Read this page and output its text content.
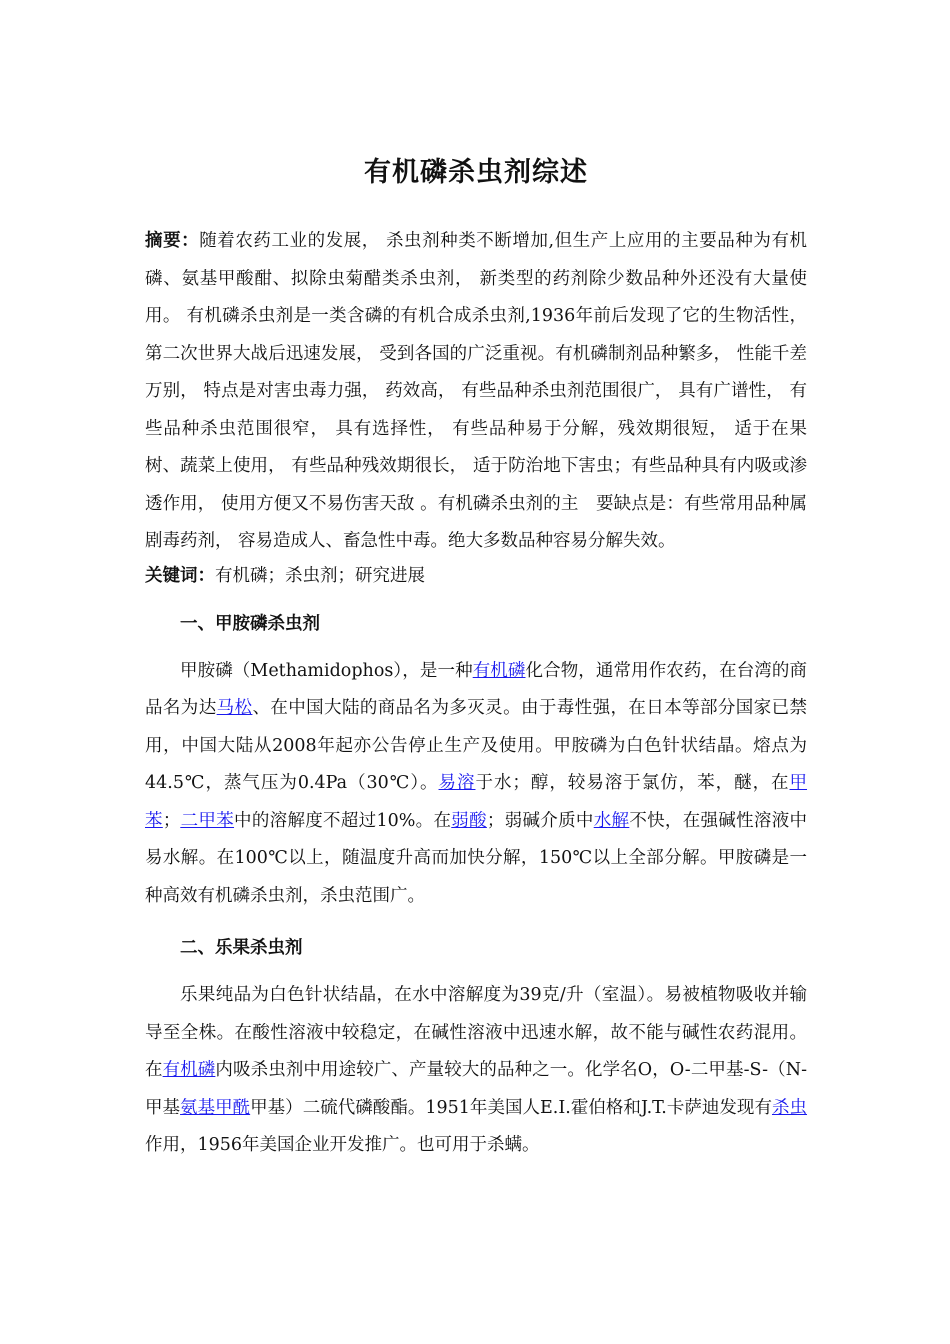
有机磷杀虫剂综述

摘要：随着农药工业的发展， 杀虫剂种类不断增加,但生产上应用的主要品种为有机磷、氨基甲酸酣、拟除虫菊醋类杀虫剂， 新类型的药剂除少数品种外还没有大量使用。 有机磷杀虫剂是一类含磷的有机合成杀虫剂,1936年前后发现了它的生物活性， 第二次世界大战后迅速发展， 受到各国的广泛重视。有机磷制剂品种繁多， 性能千差万别， 特点是对害虫毒力强， 药效高， 有些品种杀虫剂范围很广， 具有广谱性， 有些品种杀虫范围很窄， 具有选择性， 有些品种易于分解，残效期很短， 适于在果树、蔬菜上使用， 有些品种残效期很长， 适于防治地下害虫；有些品种具有内吸或渗透作用， 使用方便又不易伤害天敌 。有机磷杀虫剂的主　要缺点是：有些常用品种属剧毒药剂， 容易造成人、畜急性中毒。绝大多数品种容易分解失效。

关键词：有机磷；杀虫剂；研究进展

一、甲胺磷杀虫剂

甲胺磷（Methamidophos），是一种有机磷化合物，通常用作农药，在台湾的商品名为达马松、在中国大陆的商品名为多灭灵。由于毒性强，在日本等部分国家已禁用，中国大陆从2008年起亦公告停止生产及使用。甲胺磷为白色针状结晶。熔点为44.5℃，蒸气压为0.4Pa（30℃）。易溶于水；醇，较易溶于氯仿，苯，醚，在甲苯；二甲苯中的溶解度不超过10%。在弱酸；弱碱介质中水解不快，在强碱性溶液中易水解。在100℃以上，随温度升高而加快分解，150℃以上全部分解。甲胺磷是一种高效有机磷杀虫剂，杀虫范围广。

二、乐果杀虫剂

乐果纯品为白色针状结晶，在水中溶解度为39克/升（室温）。易被植物吸收并输导至全株。在酸性溶液中较稳定，在碱性溶液中迅速水解，故不能与碱性农药混用。在有机磷内吸杀虫剂中用途较广、产量较大的品种之一。化学名O，O-二甲基-S-（N-甲基氨基甲酰甲基）二硫代磷酸酯。1951年美国人E.I.霍伯格和J.T.卡萨迪发现有杀虫作用，1956年美国企业开发推广。也可用于杀螨。
